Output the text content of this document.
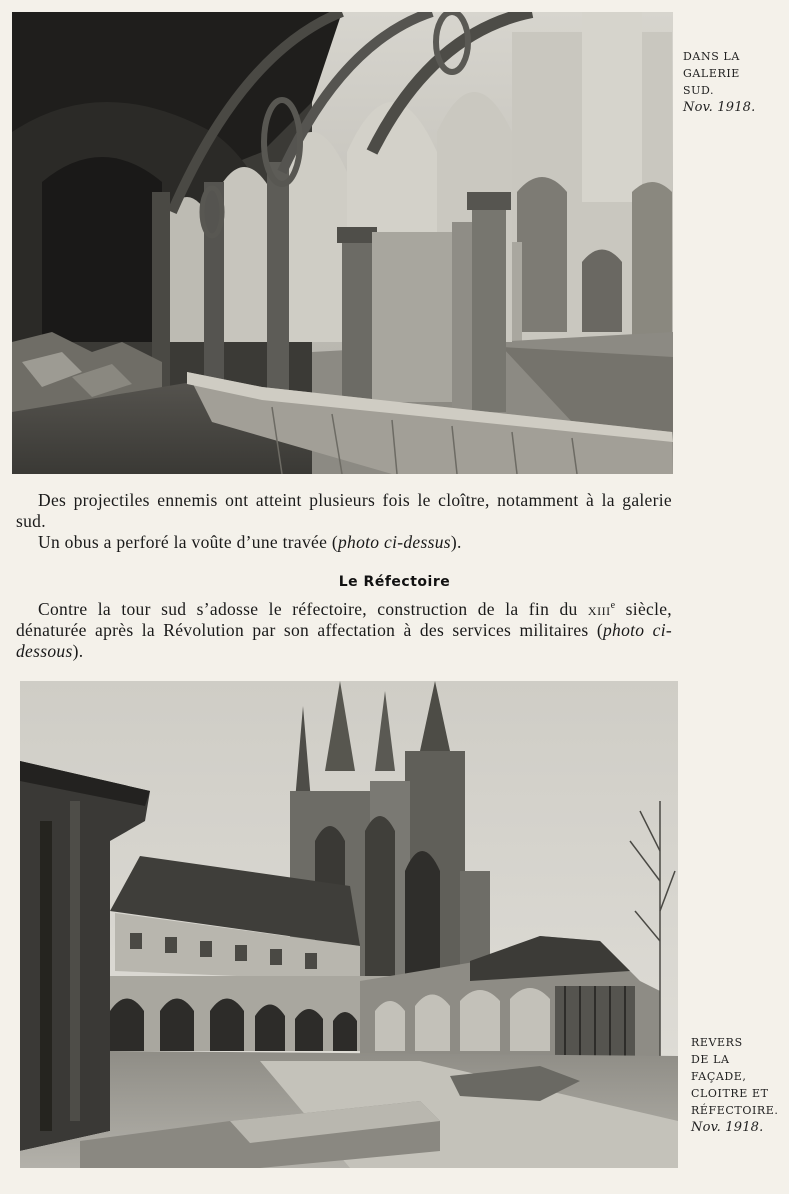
DANS LA
GALERIE
SUD.
Nov. 1918.

Des projectiles ennemis ont atteint plusieurs fois le cloître, notamment à la galerie sud.

Un obus a perforé la voûte d’une travée (photo ci-dessus).

Le Réfectoire

Contre la tour sud s’adosse le réfectoire, construction de la fin du xiii$^e$ siècle, dénaturée après la Révolution par son affectation à des services militaires (photo ci-dessous).

REVERS
DE LA
FAÇADE,
CLOITRE ET
RÉFECTOIRE.
Nov. 1918.
